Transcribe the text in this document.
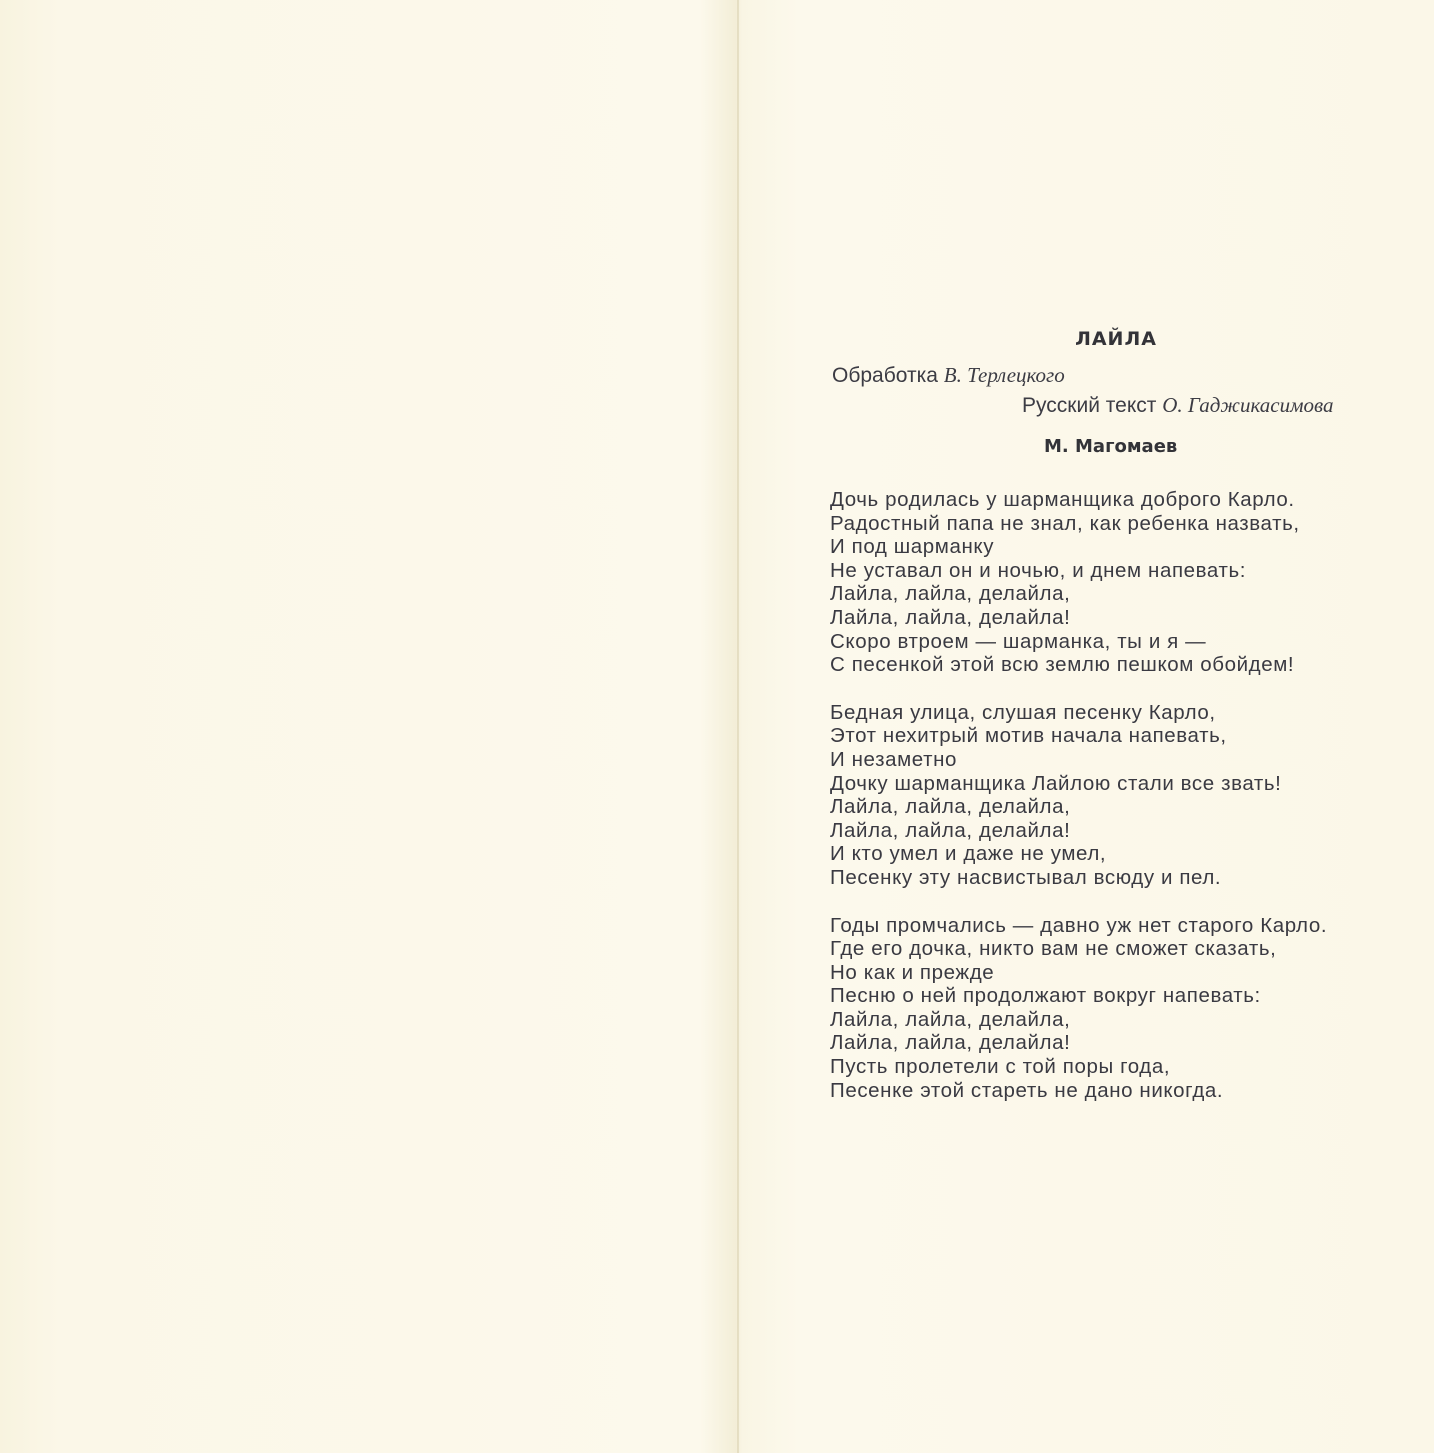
ЛАЙЛА
Обработка В. Терлецкого
Русский текст О. Гаджикасимова
М. Магомаев
Дочь родилась у шарманщика доброго Карло.
Радостный папа не знал, как ребенка назвать,
И под шарманку
Не уставал он и ночью, и днем напевать:
Лайла, лайла, делайла,
Лайла, лайла, делайла!
Скоро втроем — шарманка, ты и я —
С песенкой этой всю землю пешком обойдем!
Бедная улица, слушая песенку Карло,
Этот нехитрый мотив начала напевать,
И незаметно
Дочку шарманщика Лайлою стали все звать!
Лайла, лайла, делайла,
Лайла, лайла, делайла!
И кто умел и даже не умел,
Песенку эту насвистывал всюду и пел.
Годы промчались — давно уж нет старого Карло.
Где его дочка, никто вам не сможет сказать,
Но как и прежде
Песню о ней продолжают вокруг напевать:
Лайла, лайла, делайла,
Лайла, лайла, делайла!
Пусть пролетели с той поры года,
Песенке этой стареть не дано никогда.
